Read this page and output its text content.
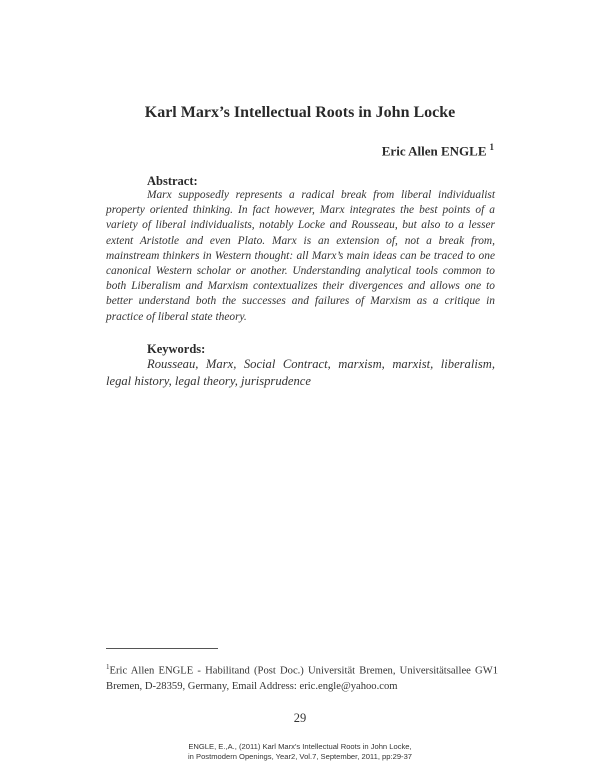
Karl Marx’s Intellectual Roots in John Locke
Eric Allen ENGLE $^1$
Abstract:

Marx supposedly represents a radical break from liberal individualist property oriented thinking. In fact however, Marx integrates the best points of a variety of liberal individualists, notably Locke and Rousseau, but also to a lesser extent Aristotle and even Plato. Marx is an extension of, not a break from, mainstream thinkers in Western thought: all Marx’s main ideas can be traced to one canonical Western scholar or another. Understanding analytical tools common to both Liberalism and Marxism contextualizes their divergences and allows one to better understand both the successes and failures of Marxism as a critique in practice of liberal state theory.

Keywords:

Rousseau, Marx, Social Contract, marxism, marxist, liberalism, legal history, legal theory, jurisprudence

$^1$Eric Allen ENGLE - Habilitand (Post Doc.) Universität Bremen, Universitätsallee GW1 Bremen, D-28359, Germany, Email Address: eric.engle@yahoo.com

29
ENGLE, E.,A., (2011) Karl Marx's Intellectual Roots in John Locke,
in Postmodern Openings, Year2, Vol.7, September, 2011, pp:29-37
